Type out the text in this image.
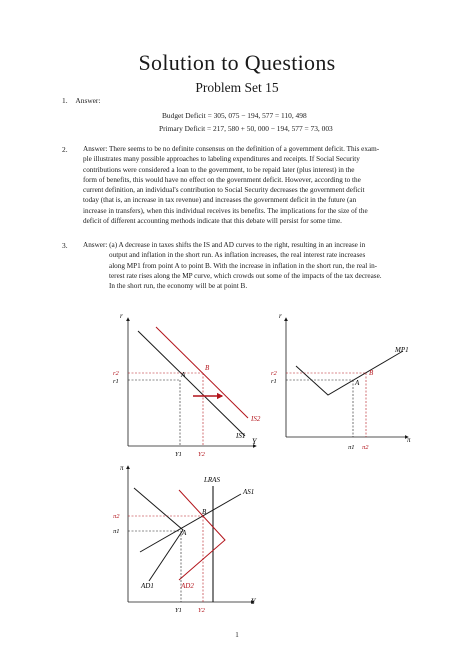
Solution to Questions
Problem Set 15
1. Answer:
Budget Deficit = 305, 075 − 194, 577 = 110, 498
Primary Deficit = 217, 580 + 50, 000 − 194, 577 = 73, 003
2. Answer: There seems to be no definite consensus on the definition of a government deficit. This exam-
ple illustrates many possible approaches to labeling expenditures and receipts. If Social Security
contributions were considered a loan to the government, to be repaid later (plus interest) in the
form of benefits, this would have no effect on the government deficit. However, according to the
current definition, an individual's contribution to Social Security decreases the government deficit
today (that is, an increase in tax revenue) and increases the government deficit in the future (an
increase in transfers), when this individual receives its benefits. The implications for the size of the
deficit of different accounting methods indicate that this debate will persist for some time.
3. Answer: (a) A decrease in taxes shifts the IS and AD curves to the right, resulting in an increase in
output and inflation in the short run. As inflation increases, the real interest rate increases
along MP1 from point A to point B. With the increase in inflation in the short run, the real in-
terest rate rises along the MP curve, which crowds out some of the impacts of the tax decrease.
In the short run, the economy will be at point B.
r
Y
r2
r1
Y1 Y2
A
B
IS2
IS1
r
π
r2
r1
π1 π2
A
B
MP1
π
Y
π2
π1
Y1 Y2
A
B
LRAS
AS1
AD1	AD2
1
